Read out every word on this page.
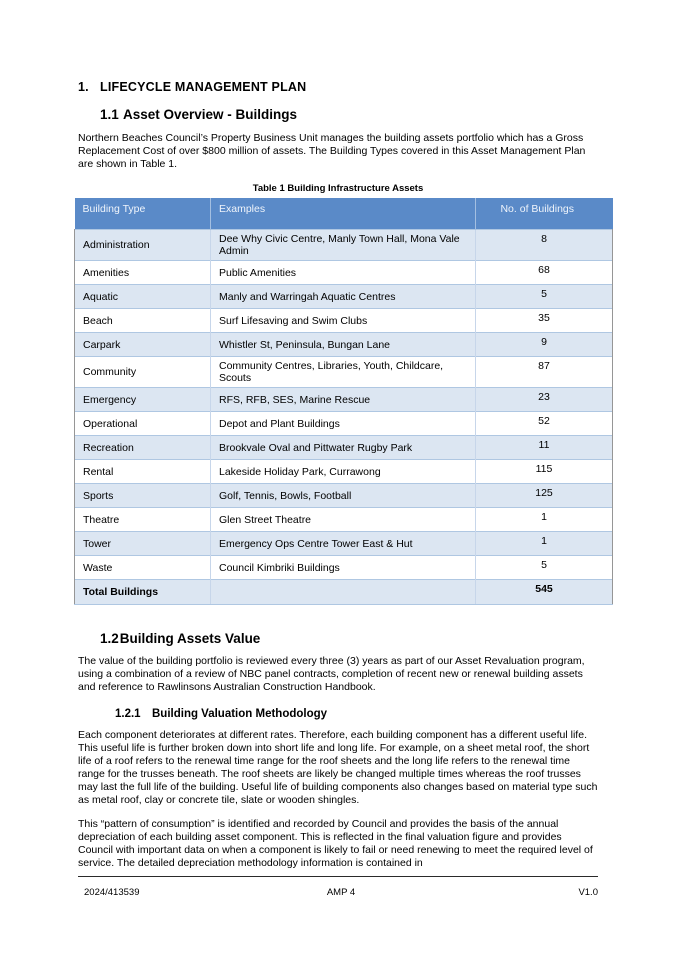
1. LIFECYCLE MANAGEMENT PLAN
1.1 Asset Overview - Buildings

Northern Beaches Council’s Property Business Unit manages the building assets portfolio which has a Gross Replacement Cost of over $800 million of assets. The Building Types covered in this Asset Management Plan are shown in Table 1.

Table 1 Building Infrastructure Assets
Building Type	Examples	No. of Buildings
Administration	Dee Why Civic Centre, Manly Town Hall, Mona Vale Admin	8
Amenities	Public Amenities	68
Aquatic	Manly and Warringah Aquatic Centres	5
Beach	Surf Lifesaving and Swim Clubs	35
Carpark	Whistler St, Peninsula, Bungan Lane	9
Community	Community Centres, Libraries, Youth, Childcare, Scouts	87
Emergency	RFS, RFB, SES, Marine Rescue	23
Operational	Depot and Plant Buildings	52
Recreation	Brookvale Oval and Pittwater Rugby Park	11
Rental	Lakeside Holiday Park, Currawong	115
Sports	Golf, Tennis, Bowls, Football	125
Theatre	Glen Street Theatre	1
Tower	Emergency Ops Centre Tower East & Hut	1
Waste	Council Kimbriki Buildings	5
Total Buildings		545
1.2Building Assets Value

The value of the building portfolio is reviewed every three (3) years as part of our Asset Revaluation program, using a combination of a review of NBC panel contracts, completion of recent new or renewal building assets and reference to Rawlinsons Australian Construction Handbook.

1.2.1 Building Valuation Methodology

Each component deteriorates at different rates. Therefore, each building component has a different useful life. This useful life is further broken down into short life and long life. For example, on a sheet metal roof, the short life of a roof refers to the renewal time range for the roof sheets and the long life refers to the renewal time range for the trusses beneath. The roof sheets are likely be changed multiple times whereas the roof trusses may last the full life of the building. Useful life of building components also changes based on material type such as metal roof, clay or concrete tile, slate or wooden shingles.

This “pattern of consumption” is identified and recorded by Council and provides the basis of the annual depreciation of each building asset component. This is reflected in the final valuation figure and provides Council with important data on when a component is likely to fail or need renewing to meet the required level of service. The detailed depreciation methodology information is contained in

2024/413539	AMP 4	V1.0
